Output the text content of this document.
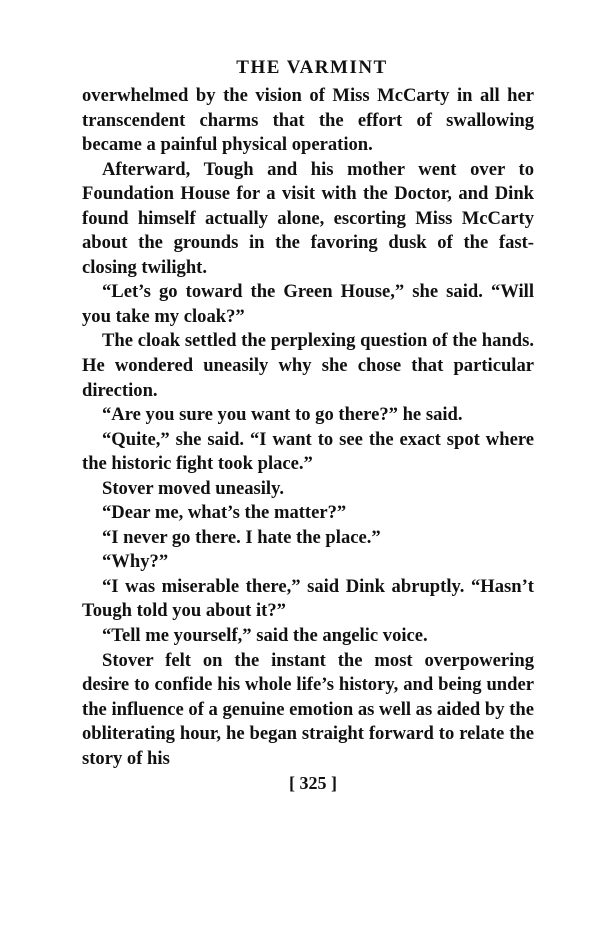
THE VARMINT

overwhelmed by the vision of Miss McCarty in all her transcendent charms that the effort of swallowing became a painful physical operation.

Afterward, Tough and his mother went over to Foundation House for a visit with the Doctor, and Dink found himself actually alone, escorting Miss McCarty about the grounds in the favoring dusk of the fast-closing twilight.

“Let’s go toward the Green House,” she said. “Will you take my cloak?”

The cloak settled the perplexing question of the hands. He wondered uneasily why she chose that particular direction.

“Are you sure you want to go there?” he said.

“Quite,” she said. “I want to see the exact spot where the historic fight took place.”

Stover moved uneasily.

“Dear me, what’s the matter?”

“I never go there. I hate the place.”

“Why?”

“I was miserable there,” said Dink abruptly. “Hasn’t Tough told you about it?”

“Tell me yourself,” said the angelic voice.

Stover felt on the instant the most overpowering desire to confide his whole life’s history, and being under the influence of a genuine emotion as well as aided by the obliterating hour, he began straight forward to relate the story of his

[ 325 ]
